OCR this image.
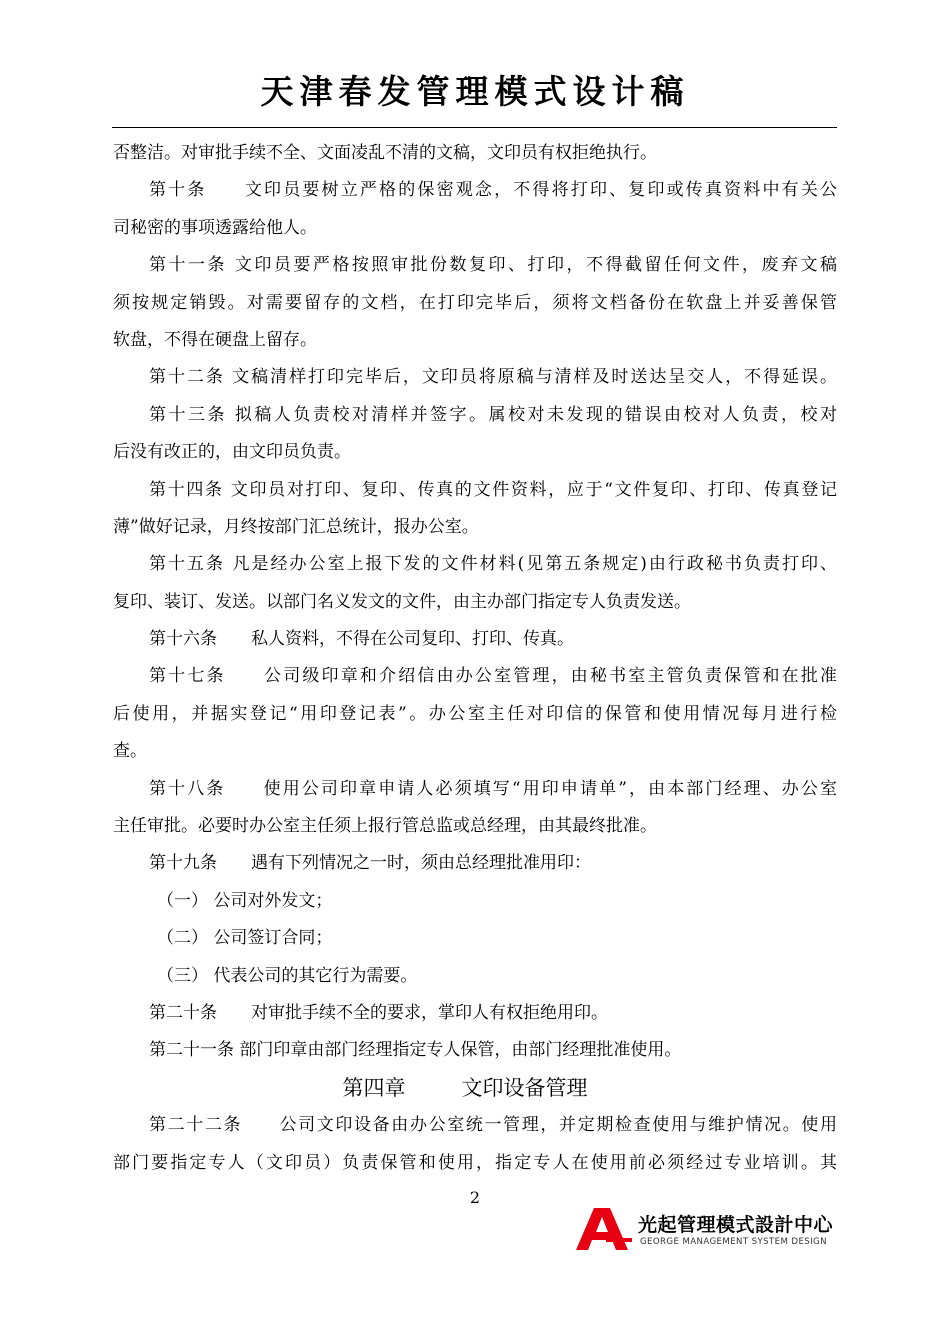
天津春发管理模式设计稿
否整洁。对审批手续不全、文面凌乱不清的文稿，文印员有权拒绝执行。
第十条　　文印员要树立严格的保密观念，不得将打印、复印或传真资料中有关公
司秘密的事项透露给他人。
第十一条 文印员要严格按照审批份数复印、打印，不得截留任何文件，废弃文稿
须按规定销毁。对需要留存的文档，在打印完毕后，须将文档备份在软盘上并妥善保管
软盘，不得在硬盘上留存。
第十二条 文稿清样打印完毕后，文印员将原稿与清样及时送达呈交人，不得延误。
第十三条 拟稿人负责校对清样并签字。属校对未发现的错误由校对人负责，校对
后没有改正的，由文印员负责。
第十四条 文印员对打印、复印、传真的文件资料，应于“文件复印、打印、传真登记
薄”做好记录，月终按部门汇总统计，报办公室。
第十五条 凡是经办公室上报下发的文件材料(见第五条规定)由行政秘书负责打印、
复印、装订、发送。以部门名义发文的文件，由主办部门指定专人负责发送。
第十六条　　私人资料，不得在公司复印、打印、传真。
第十七条　　公司级印章和介绍信由办公室管理，由秘书室主管负责保管和在批准
后使用，并据实登记“用印登记表”。办公室主任对印信的保管和使用情况每月进行检
查。
第十八条　　使用公司印章申请人必须填写“用印申请单”，由本部门经理、办公室
主任审批。必要时办公室主任须上报行管总监或总经理，由其最终批准。
第十九条　　遇有下列情况之一时，须由总经理批准用印：
（一） 公司对外发文；
（二） 公司签订合同；
（三） 代表公司的其它行为需要。
第二十条　　对审批手续不全的要求，掌印人有权拒绝用印。
第二十一条 部门印章由部门经理指定专人保管，由部门经理批准使用。
第四章	文印设备管理
第二十二条　　公司文印设备由办公室统一管理，并定期检查使用与维护情况。使用
部门要指定专人（文印员）负责保管和使用，指定专人在使用前必须经过专业培训。其
2
光起管理模式設計中心
GEORGE MANAGEMENT SYSTEM DESIGN
